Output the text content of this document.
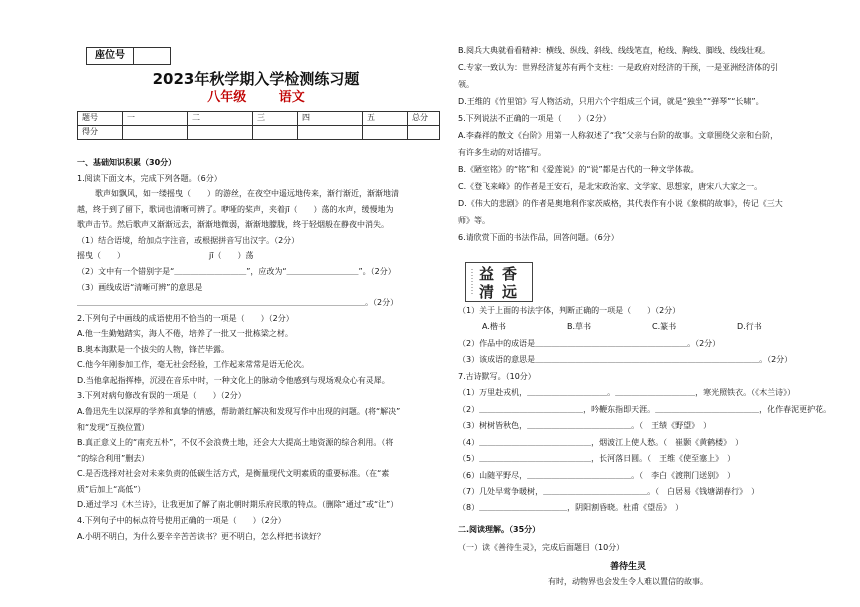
座位号
2023年秋学期入学检测练习题
八年级	语文
题号	一	二	三	四	五	总分
得分						
一、基础知识积累（30分）
1.阅读下面文本，完成下列各题。（6分）
歌声如飘风，如一缕摇曳（　　）的游丝，在夜空中遥远地传来，渐行渐近，渐渐地清
越，终于到了留下，歌词也清晰可辨了。咿哑的桨声，夹着jī（　　）荡的水声，缓慢地为
歌声击节。然后歌声又渐渐远去，渐渐地微弱，渐渐地朦胧，终于轻烟般在静夜中消失。
（1）结合语境，给加点字注音，或根据拼音写出汉字。（2分）
摇曳（　　）　　　　　　　　　　　jī（　　）荡
（2）文中有一个错别字是“＿＿＿＿＿＿＿＿＿”，应改为“＿＿＿＿＿＿＿＿＿”。（2分）
（3）画线成语“清晰可辨”的意思是
＿＿＿＿＿＿＿＿＿＿＿＿＿＿＿＿＿＿＿＿＿＿＿＿＿＿＿＿＿＿＿＿＿＿＿＿。（2分）
2.下列句子中画线的成语使用不恰当的一项是（　　）（2分）
A.他一生勤勉踏实，海人不倦，培养了一批又一批栋梁之材。
B.奥本海默是一个拔尖的人物，锋芒毕露。
C.他今年刚参加工作，毫无社会经验，工作起来常常是语无伦次。
D.当他拿起指挥棒，沉浸在音乐中时，一种文化上的脉动令他感到与现场观众心有灵犀。
3.下列对病句修改有误的一项是（　　）（2分）
A.鲁迅先生以深厚的学养和真挚的情感，帮助萧红解决和发现写作中出现的问题。(将“解决”
和“发现”互换位置）
B.真正意义上的“南充五朴”，不仅不会浪费土地，还会大大提高土地资源的综合利用。（将
“的综合利用”删去）
C.是否选择对社会对未来负责的低碳生活方式，是衡量现代文明素质的重要标准。（在“素
质”后加上“高低”）
D.通过学习《木兰诗》，让我更加了解了南北朝时期乐府民歌的特点。（删除“通过”或“让”）
4.下列句子中的标点符号使用正确的一项是（　　）（2分）
A.小明不明白，为什么要辛辛苦苦读书？更不明白，怎么样把书读好？
B.阅兵大典就看看精神：横线、纵线、斜线、线线笔直，枪线、胸线、脚线、线线壮观。
C.专家一致认为：世界经济复苏有两个支柱：一是政府对经济的干预，一是亚洲经济体的引
领。
D.王维的《竹里馆》写人物活动，只用六个字组成三个词，就是“独坐”“弹琴”“长啸”。
5.下列说法不正确的一项是（　　）（2分）
A.李森祥的散文《台阶》用第一人称叙述了“我”父亲与台阶的故事。文章围绕父亲和台阶，
有许多生动的对话描写。
B.《陋室铭》的“铭”和《爱莲说》的“说”都是古代的一种文学体裁。
C.《登飞来峰》的作者是王安石，是北宋政治家、文学家、思想家，唐宋八大家之一。
D.《伟大的悲剧》的作者是奥地利作家茨威格，其代表作有小说《象棋的故事》，传记《三大
师》等。
6.请欣赏下面的书法作品，回答问题。（6分）
（1）关于上面的书法字体，判断正确的一项是（　　）（2分）
A.楷书	B.草书	C.篆书	D.行书
（2）作品中的成语是＿＿＿＿＿＿＿＿＿＿＿＿＿＿＿＿＿＿＿。（2分）
（3）该成语的意思是＿＿＿＿＿＿＿＿＿＿＿＿＿＿＿＿＿＿＿＿＿＿＿＿＿＿＿＿。（2分）
7.古诗默写。（10分）
（1）万里赴戎机，＿＿＿＿＿＿＿＿＿＿。＿＿＿＿＿＿＿＿＿＿，寒光照铁衣。（《木兰诗》）
（2）＿＿＿＿＿＿＿＿＿＿＿＿＿，吟鞭东指即天涯。＿＿＿＿＿＿＿＿＿＿＿＿＿，化作春泥更护花。
（3）树树皆秋色，＿＿＿＿＿＿＿＿＿＿＿＿＿。（　王绩《野望》　）
（4）＿＿＿＿＿＿＿＿＿＿＿＿＿＿，烟波江上使人愁。（　崔颢《黄鹤楼》　）
（5）＿＿＿＿＿＿＿＿＿＿＿＿＿＿，长河落日圆。（　王维《使至塞上》　）
（6）山随平野尽，＿＿＿＿＿＿＿＿＿＿＿＿＿。（　李白《渡荆门送别》　）
（7）几处早莺争暖树，＿＿＿＿＿＿＿＿＿＿＿＿＿。（　白居易《钱塘湖春行》　）
（8）＿＿＿＿＿＿＿＿＿＿＿，阴阳割昏晓。杜甫《望岳》　）
二.阅读理解。（35分）
（一）读《善待生灵》，完成后面题目（10分）
善待生灵
有时，动物界也会发生令人难以置信的故事。
香
益
远
清
